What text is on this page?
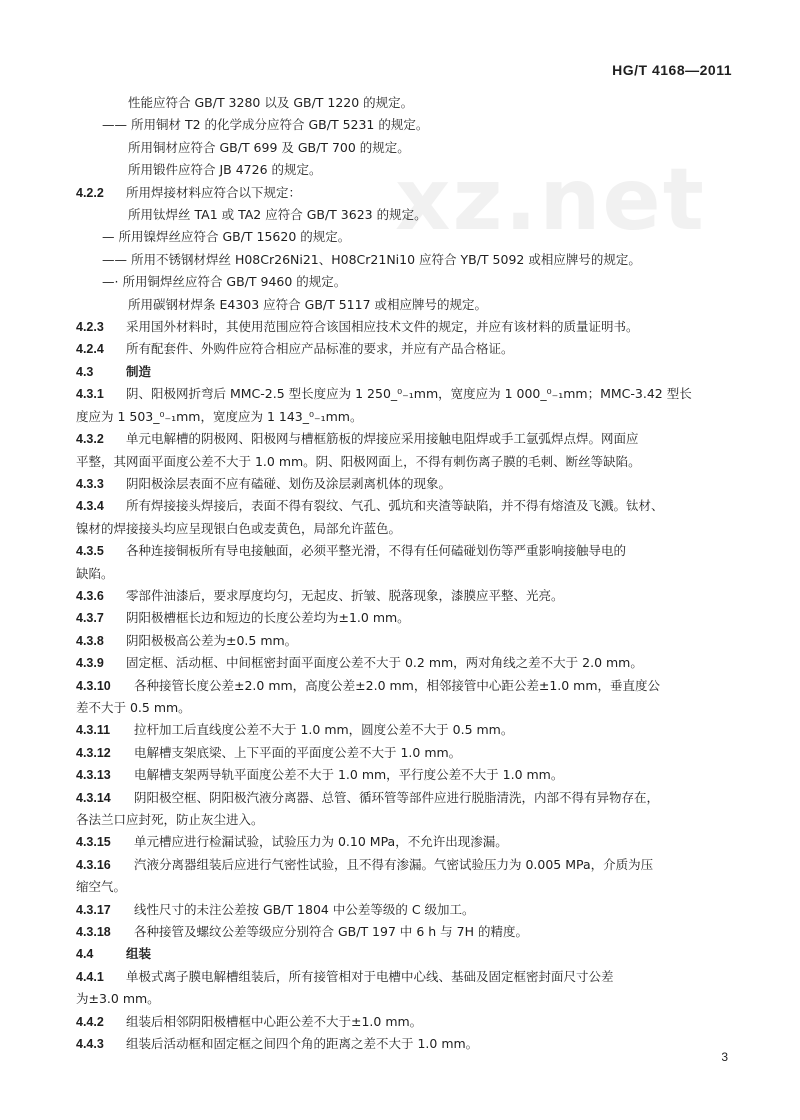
HG/T 4168—2011
xz.net
性能应符合 GB/T 3280 以及 GB/T 1220 的规定。
—— 所用铜材 T2 的化学成分应符合 GB/T 5231 的规定。
所用铜材应符合 GB/T 699 及 GB/T 700 的规定。
所用锻件应符合 JB 4726 的规定。
4.2.2 所用焊接材料应符合以下规定：
所用钛焊丝 TA1 或 TA2 应符合 GB/T 3623 的规定。
— 所用镍焊丝应符合 GB/T 15620 的规定。
—— 所用不锈钢材焊丝 H08Cr26Ni21、H08Cr21Ni10 应符合 YB/T 5092 或相应牌号的规定。
—· 所用铜焊丝应符合 GB/T 9460 的规定。
所用碳钢材焊条 E4303 应符合 GB/T 5117 或相应牌号的规定。
4.2.3 采用国外材料时，其使用范围应符合该国相应技术文件的规定，并应有该材料的质量证明书。
4.2.4 所有配套件、外购件应符合相应产品标准的要求，并应有产品合格证。
4.3	制造
4.3.1 阴、阳极网折弯后 MMC-2.5 型长度应为 1 250_⁰₋₁mm，宽度应为 1 000_⁰₋₁mm；MMC-3.42 型长
度应为 1 503_⁰₋₁mm，宽度应为 1 143_⁰₋₁mm。
4.3.2 单元电解槽的阴极网、阳极网与槽框筋板的焊接应采用接触电阻焊或手工氩弧焊点焊。网面应
平整，其网面平面度公差不大于 1.0 mm。阴、阳极网面上，不得有刺伤离子膜的毛刺、断丝等缺陷。
4.3.3 阴阳极涂层表面不应有磕碰、划伤及涂层剥离机体的现象。
4.3.4 所有焊接接头焊接后，表面不得有裂纹、气孔、弧坑和夹渣等缺陷，并不得有熔渣及飞溅。钛材、
镍材的焊接接头均应呈现银白色或麦黄色，局部允许蓝色。
4.3.5 各种连接铜板所有导电接触面，必须平整光滑，不得有任何磕碰划伤等严重影响接触导电的
缺陷。
4.3.6 零部件油漆后，要求厚度均匀，无起皮、折皱、脱落现象，漆膜应平整、光亮。
4.3.7 阴阳极槽框长边和短边的长度公差均为±1.0 mm。
4.3.8 阴阳极极高公差为±0.5 mm。
4.3.9 固定框、活动框、中间框密封面平面度公差不大于 0.2 mm，两对角线之差不大于 2.0 mm。
4.3.10 各种接管长度公差±2.0 mm，高度公差±2.0 mm，相邻接管中心距公差±1.0 mm，垂直度公
差不大于 0.5 mm。
4.3.11 拉杆加工后直线度公差不大于 1.0 mm，圆度公差不大于 0.5 mm。
4.3.12 电解槽支架底梁、上下平面的平面度公差不大于 1.0 mm。
4.3.13 电解槽支架两导轨平面度公差不大于 1.0 mm，平行度公差不大于 1.0 mm。
4.3.14 阴阳极空框、阴阳极汽液分离器、总管、循环管等部件应进行脱脂清洗，内部不得有异物存在，
各法兰口应封死，防止灰尘进入。
4.3.15 单元槽应进行检漏试验，试验压力为 0.10 MPa，不允许出现渗漏。
4.3.16 汽液分离器组装后应进行气密性试验，且不得有渗漏。气密试验压力为 0.005 MPa，介质为压
缩空气。
4.3.17 线性尺寸的未注公差按 GB/T 1804 中公差等级的 C 级加工。
4.3.18 各种接管及螺纹公差等级应分别符合 GB/T 197 中 6 h 与 7H 的精度。
4.4	组装
4.4.1 单极式离子膜电解槽组装后，所有接管相对于电槽中心线、基础及固定框密封面尺寸公差
为±3.0 mm。
4.4.2 组装后相邻阴阳极槽框中心距公差不大于±1.0 mm。
4.4.3 组装后活动框和固定框之间四个角的距离之差不大于 1.0 mm。
3
